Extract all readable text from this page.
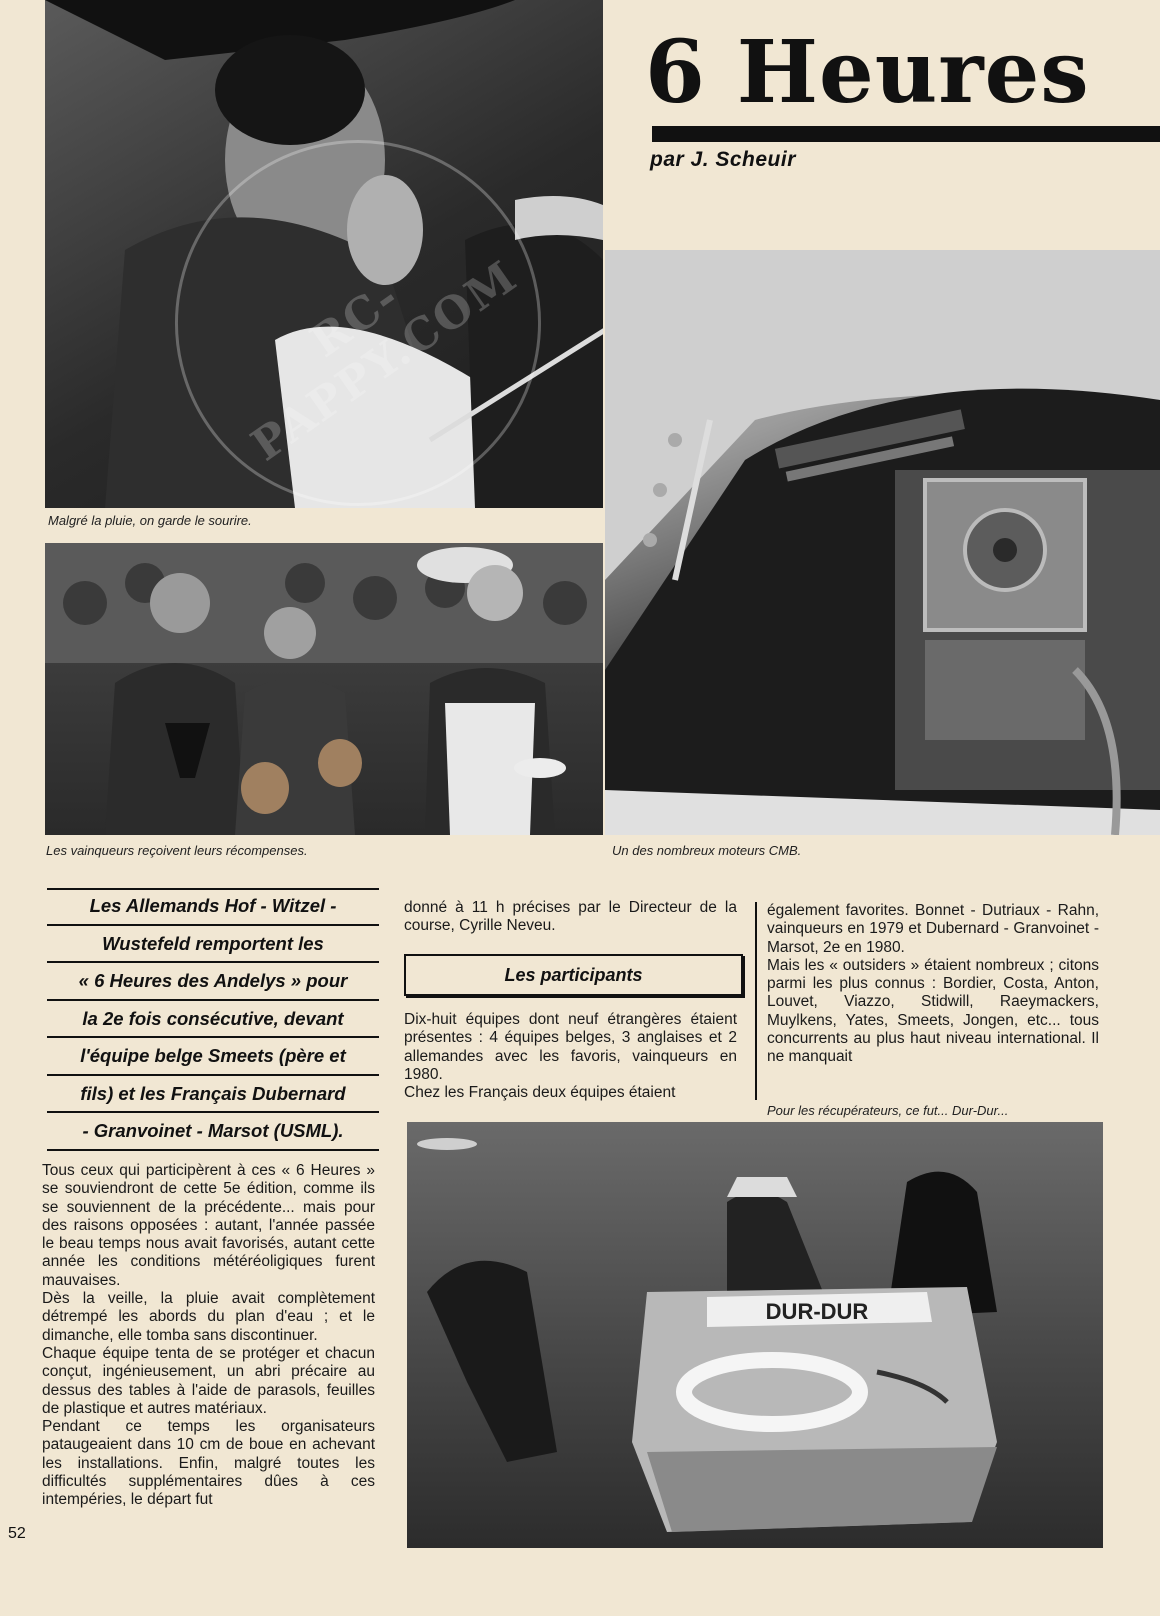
6 Heures
par J. Scheuir
RC-PAPPY.COM
Malgré la pluie, on garde le sourire.
Les vainqueurs reçoivent leurs récompenses.	Un des nombreux moteurs CMB.
Les Allemands Hof - Witzel -
Wustefeld remportent les
« 6 Heures des Andelys » pour
la 2e fois consécutive, devant
l'équipe belge Smeets (père et
fils) et les Français Dubernard
- Granvoinet - Marsot (USML).

Tous ceux qui participèrent à ces « 6 Heures » se souviendront de cette 5e édition, comme ils se souviennent de la précédente... mais pour des raisons opposées : autant, l'année passée le beau temps nous avait favorisés, autant cette année les conditions météréoligiques furent mauvaises.

Dès la veille, la pluie avait complètement détrempé les abords du plan d'eau ; et le dimanche, elle tomba sans discontinuer.

Chaque équipe tenta de se protéger et chacun conçut, ingénieusement, un abri précaire au dessus des tables à l'aide de parasols, feuilles de plastique et autres matériaux.

Pendant ce temps les organisateurs pataugeaient dans 10 cm de boue en achevant les installations. Enfin, malgré toutes les difficultés supplémentaires dûes à ces intempéries, le départ fut

donné à 11 h précises par le Directeur de la course, Cyrille Neveu.

Les participants

Dix-huit équipes dont neuf étrangères étaient présentes : 4 équipes belges, 3 anglaises et 2 allemandes avec les favoris, vainqueurs en 1980.

Chez les Français deux équipes étaient

également favorites. Bonnet - Dutriaux - Rahn, vainqueurs en 1979 et Dubernard - Granvoinet - Marsot, 2e en 1980.

Mais les « outsiders » étaient nombreux ; citons parmi les plus connus : Bordier, Costa, Anton, Louvet, Viazzo, Stidwill, Raeymackers, Muylkens, Yates, Smeets, Jongen, etc... tous concurrents au plus haut niveau international. Il ne manquait

Pour les récupérateurs, ce fut... Dur-Dur...
DUR-DUR
52
